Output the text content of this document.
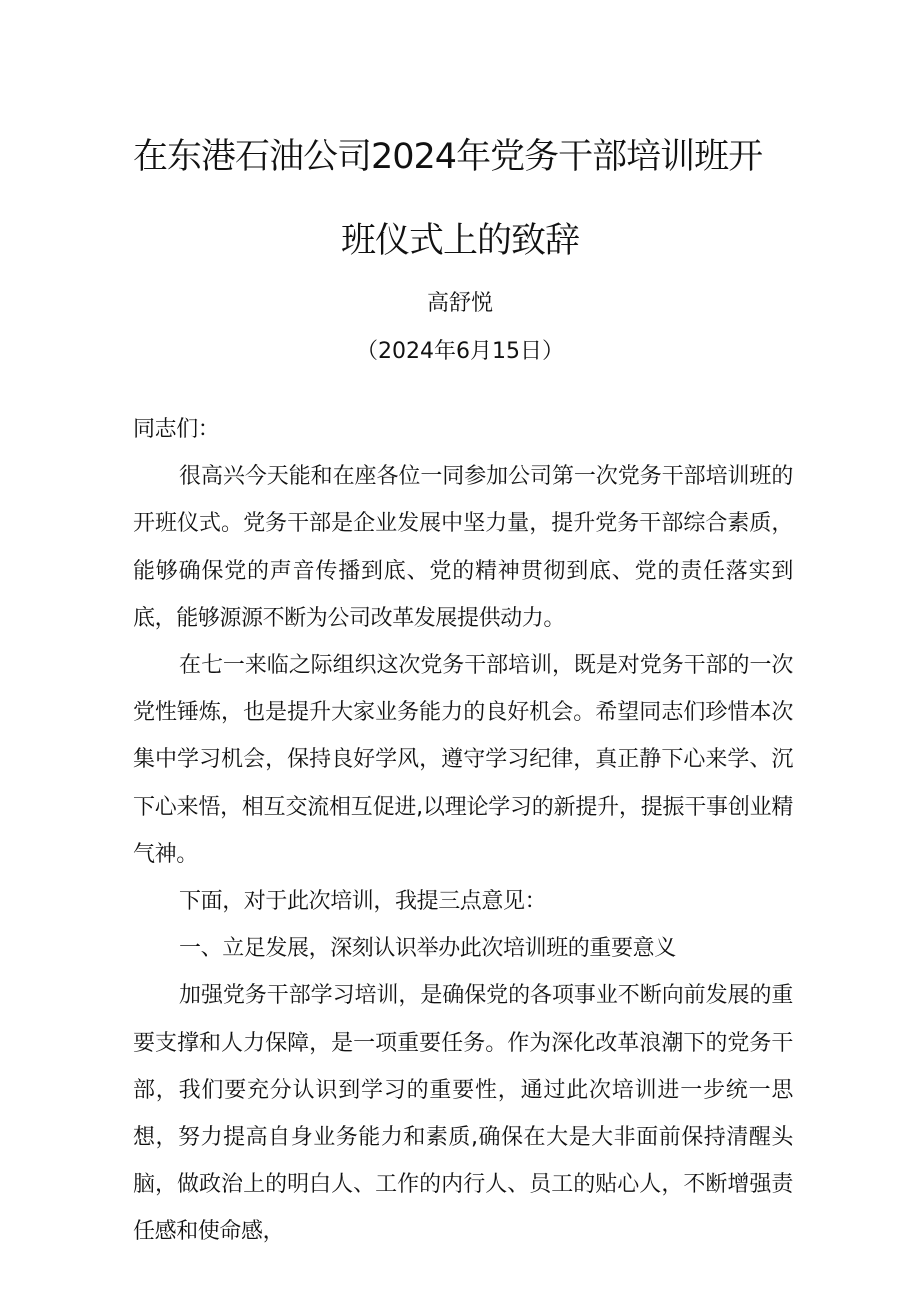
在东港石油公司2024年党务干部培训班开
班仪式上的致辞
高舒悦
（2024年6月15日）

同志们：

很高兴今天能和在座各位一同参加公司第一次党务干部培训班的开班仪式。党务干部是企业发展中坚力量，提升党务干部综合素质，能够确保党的声音传播到底、党的精神贯彻到底、党的责任落实到底，能够源源不断为公司改革发展提供动力。

在七一来临之际组织这次党务干部培训，既是对党务干部的一次党性锤炼，也是提升大家业务能力的良好机会。希望同志们珍惜本次集中学习机会，保持良好学风，遵守学习纪律，真正静下心来学、沉下心来悟，相互交流相互促进,以理论学习的新提升，提振干事创业精气神。

下面，对于此次培训，我提三点意见：

一、立足发展，深刻认识举办此次培训班的重要意义

加强党务干部学习培训，是确保党的各项事业不断向前发展的重要支撑和人力保障，是一项重要任务。作为深化改革浪潮下的党务干部，我们要充分认识到学习的重要性，通过此次培训进一步统一思想，努力提高自身业务能力和素质,确保在大是大非面前保持清醒头脑，做政治上的明白人、工作的内行人、员工的贴心人，不断增强责任感和使命感，
